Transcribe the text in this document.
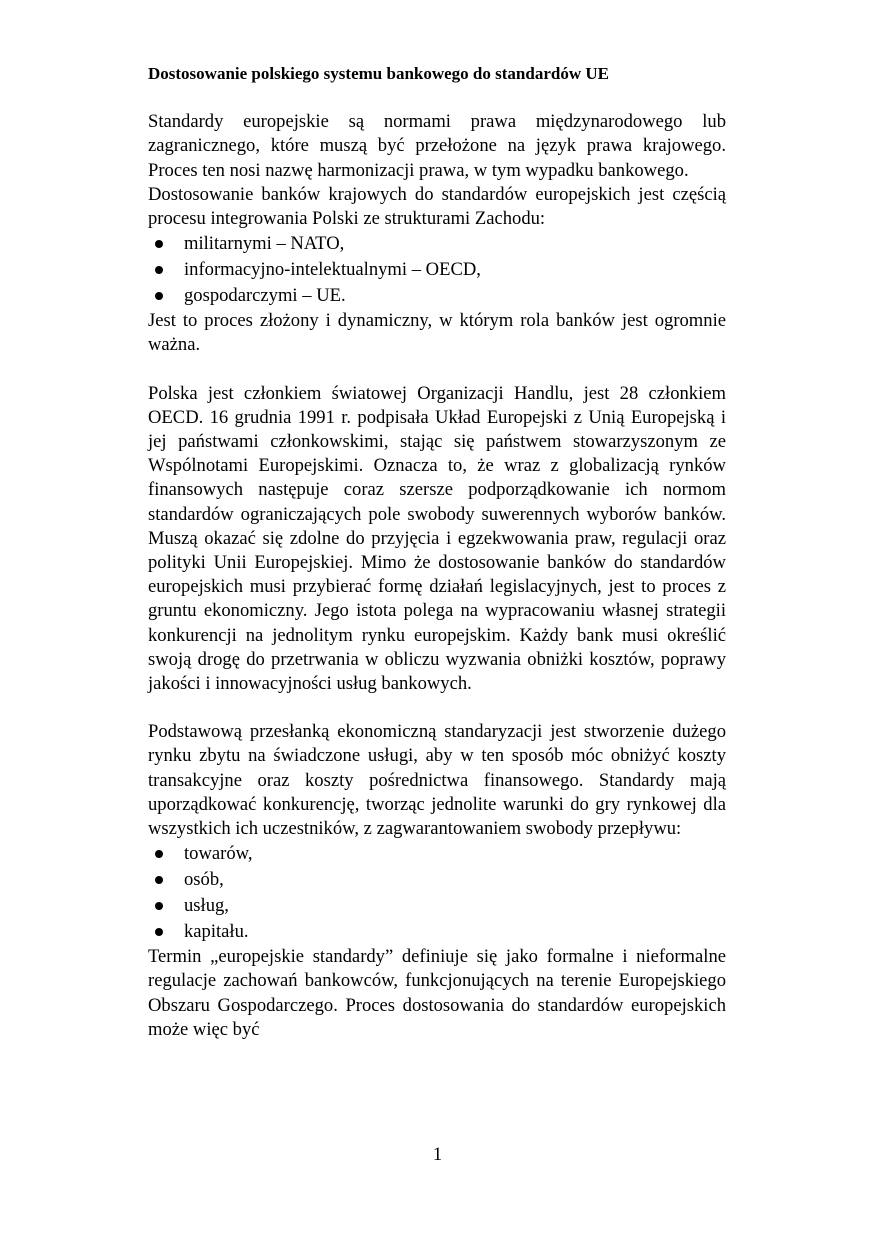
Dostosowanie polskiego systemu bankowego do standardów UE

Standardy europejskie są normami prawa międzynarodowego lub zagranicznego, które muszą być przełożone na język prawa krajowego. Proces ten nosi nazwę harmonizacji prawa, w tym wypadku bankowego.

Dostosowanie banków krajowych do standardów europejskich jest częścią procesu integrowania Polski ze strukturami Zachodu:

militarnymi – NATO,
informacyjno-intelektualnymi – OECD,
gospodarczymi – UE.

Jest to proces złożony i dynamiczny, w którym rola banków jest ogromnie ważna.

Polska jest członkiem światowej Organizacji Handlu, jest 28 członkiem OECD. 16 grudnia 1991 r. podpisała Układ Europejski z Unią Europejską i jej państwami członkowskimi, stając się państwem stowarzyszonym ze Wspólnotami Europejskimi. Oznacza to, że wraz z globalizacją rynków finansowych następuje coraz szersze podporządkowanie ich normom standardów ograniczających pole swobody suwerennych wyborów banków. Muszą okazać się zdolne do przyjęcia i egzekwowania praw, regulacji oraz polityki Unii Europejskiej. Mimo że dostosowanie banków do standardów europejskich musi przybierać formę działań legislacyjnych, jest to proces z gruntu ekonomiczny. Jego istota polega na wypracowaniu własnej strategii konkurencji na jednolitym rynku europejskim. Każdy bank musi określić swoją drogę do przetrwania w obliczu wyzwania obniżki kosztów, poprawy jakości i innowacyjności usług bankowych.

Podstawową przesłanką ekonomiczną standaryzacji jest stworzenie dużego rynku zbytu na świadczone usługi, aby w ten sposób móc obniżyć koszty transakcyjne oraz koszty pośrednictwa finansowego. Standardy mają uporządkować konkurencję, tworząc jednolite warunki do gry rynkowej dla wszystkich ich uczestników, z zagwarantowaniem swobody przepływu:

towarów,
osób,
usług,
kapitału.

Termin „europejskie standardy” definiuje się jako formalne i nieformalne regulacje zachowań bankowców, funkcjonujących na terenie Europejskiego Obszaru Gospodarczego. Proces dostosowania do standardów europejskich może więc być

1
